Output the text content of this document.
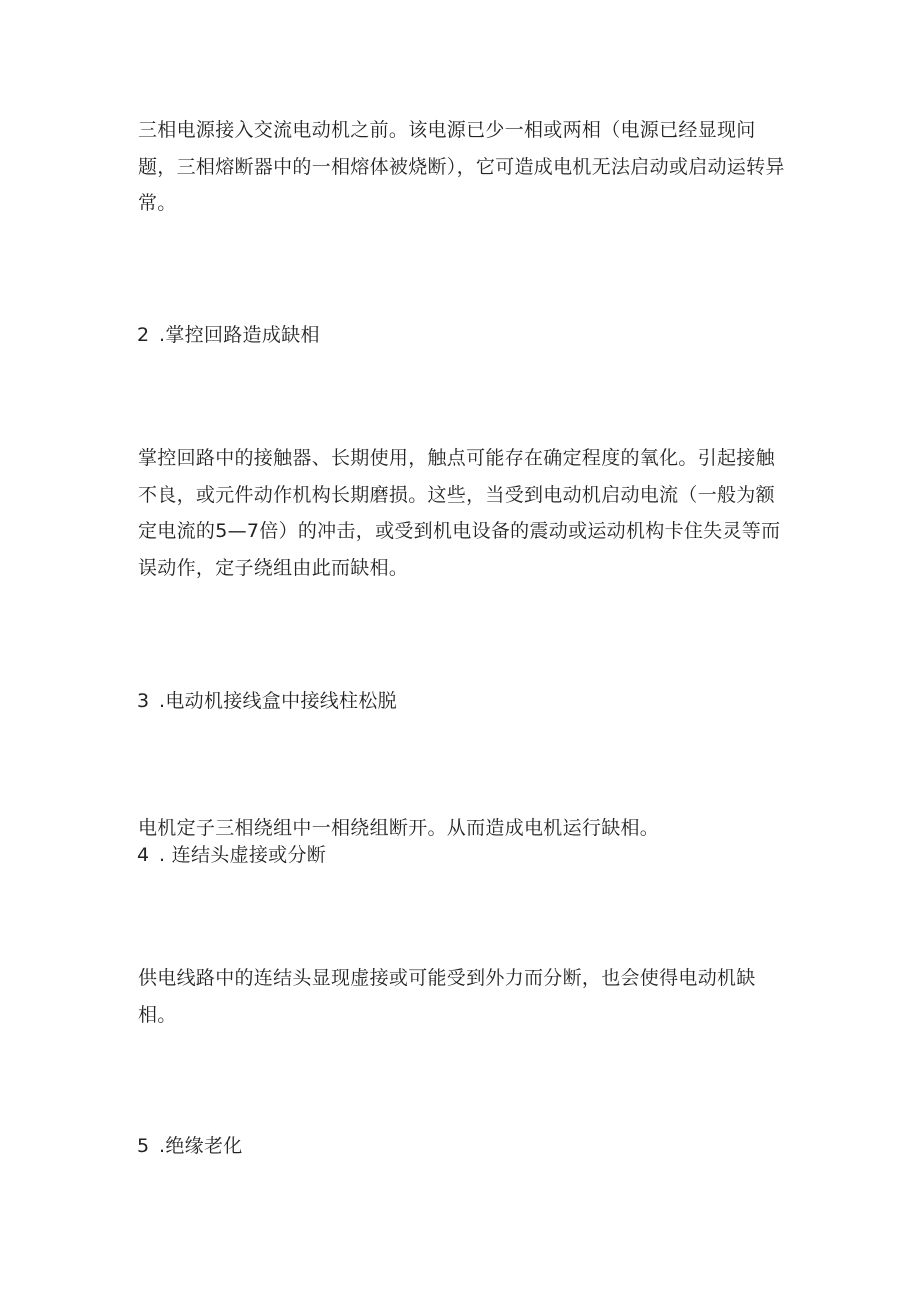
三相电源接入交流电动机之前。该电源已少一相或两相（电源已经显现问题，三相熔断器中的一相熔体被烧断），它可造成电机无法启动或启动运转异常。

2 .掌控回路造成缺相

掌控回路中的接触器、长期使用，触点可能存在确定程度的氧化。引起接触不良，或元件动作机构长期磨损。这些，当受到电动机启动电流（一般为额定电流的5—7倍）的冲击，或受到机电设备的震动或运动机构卡住失灵等而误动作，定子绕组由此而缺相。

3 .电动机接线盒中接线柱松脱

电机定子三相绕组中一相绕组断开。从而造成电机运行缺相。

4 . 连结头虚接或分断

供电线路中的连结头显现虚接或可能受到外力而分断，也会使得电动机缺相。

5 .绝缘老化
